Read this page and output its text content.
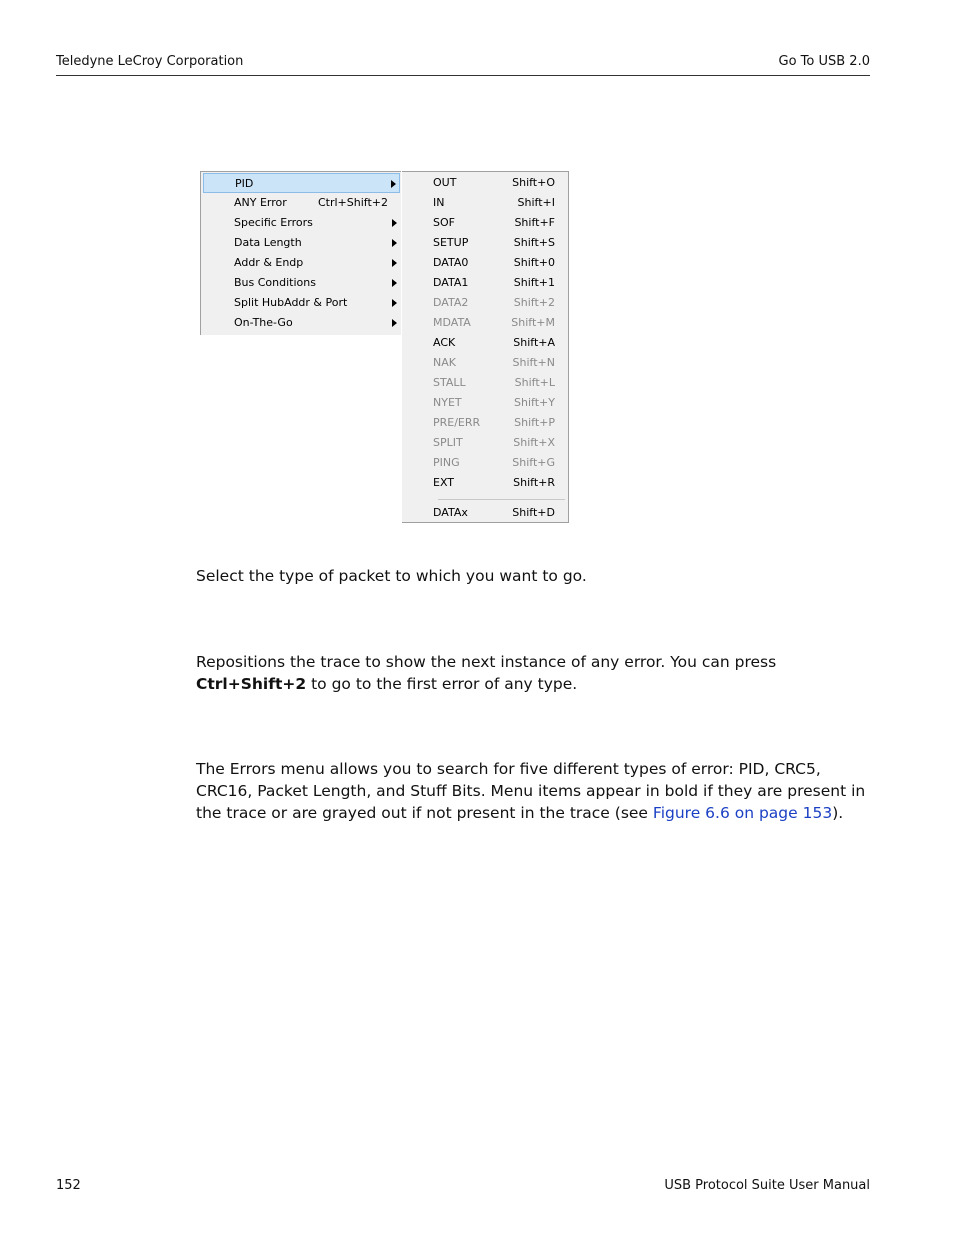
Teledyne LeCroy Corporation	Go To USB 2.0
PID
ANY Error	Ctrl+Shift+2
Specific Errors
Data Length
Addr & Endp
Bus Conditions
Split HubAddr & Port
On-The-Go
OUT	Shift+O
IN	Shift+I
SOF	Shift+F
SETUP	Shift+S
DATA0	Shift+0
DATA1	Shift+1
DATA2	Shift+2
MDATA	Shift+M
ACK	Shift+A
NAK	Shift+N
STALL	Shift+L
NYET	Shift+Y
PRE/ERR	Shift+P
SPLIT	Shift+X
PING	Shift+G
EXT	Shift+R
DATAx	Shift+D
Select the type of packet to which you want to go.
Repositions the trace to show the next instance of any error. You can press Ctrl+Shift+2 to go to the first error of any type.
The Errors menu allows you to search for five different types of error: PID, CRC5, CRC16, Packet Length, and Stuff Bits. Menu items appear in bold if they are present in the trace or are grayed out if not present in the trace (see Figure 6.6 on page 153).
152	USB Protocol Suite User Manual
